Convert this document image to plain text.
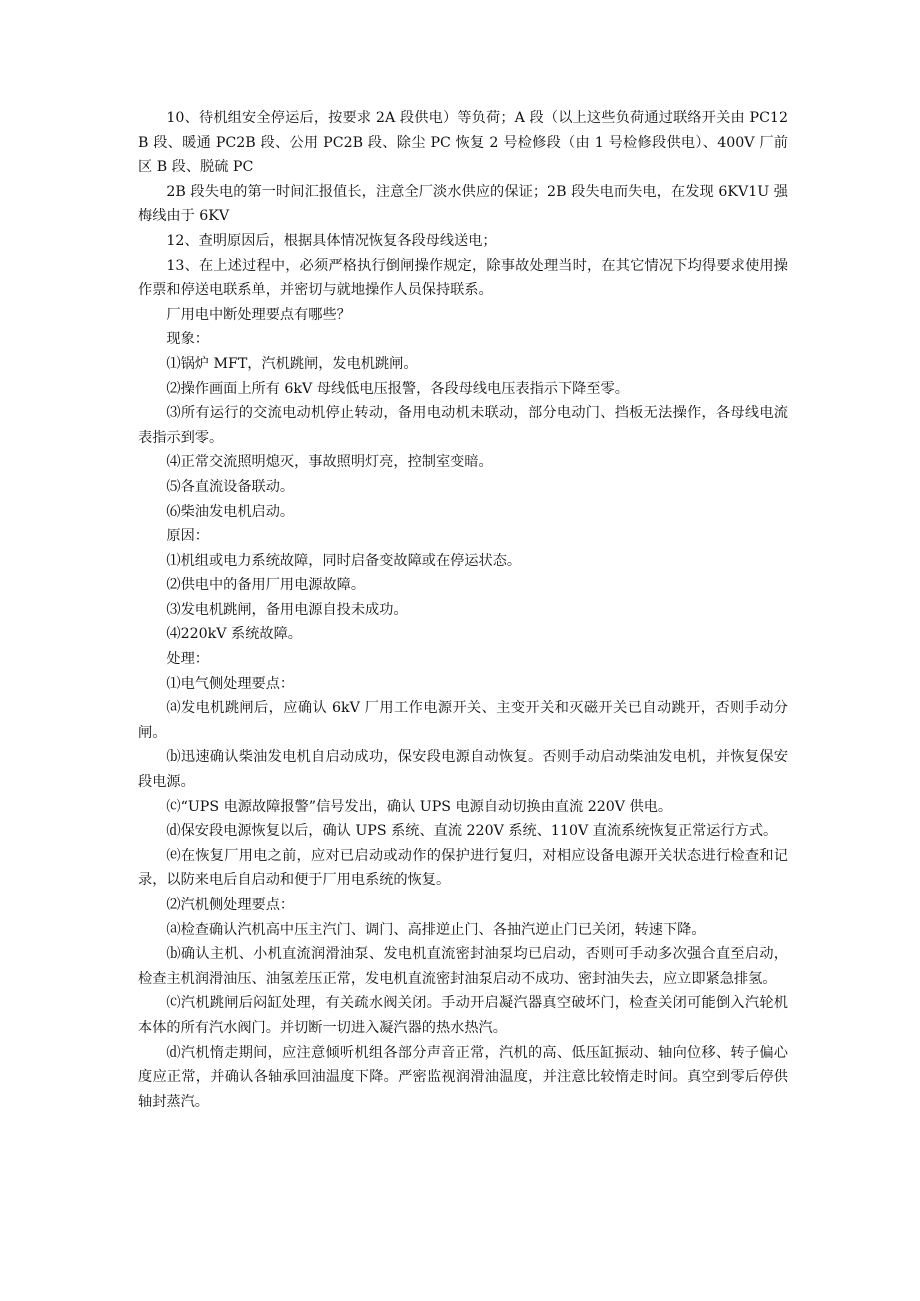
10、待机组安全停运后，按要求 2A 段供电）等负荷；A 段（以上这些负荷通过联络开关由 PC12B 段、暖通 PC2B 段、公用 PC2B 段、除尘 PC 恢复 2 号检修段（由 1 号检修段供电）、400V 厂前区 B 段、脱硫 PC

2B 段失电的第一时间汇报值长，注意全厂淡水供应的保证；2B 段失电而失电，在发现 6KV1U 强梅线由于 6KV

12、查明原因后，根据具体情况恢复各段母线送电；

13、在上述过程中，必须严格执行倒闸操作规定，除事故处理当时，在其它情况下均得要求使用操作票和停送电联系单，并密切与就地操作人员保持联系。

厂用电中断处理要点有哪些？

现象：

⑴锅炉 MFT，汽机跳闸，发电机跳闸。

⑵操作画面上所有 6kV 母线低电压报警，各段母线电压表指示下降至零。

⑶所有运行的交流电动机停止转动，备用电动机未联动，部分电动门、挡板无法操作，各母线电流表指示到零。

⑷正常交流照明熄灭，事故照明灯亮，控制室变暗。

⑸各直流设备联动。

⑹柴油发电机启动。

原因：

⑴机组或电力系统故障，同时启备变故障或在停运状态。

⑵供电中的备用厂用电源故障。

⑶发电机跳闸，备用电源自投未成功。

⑷220kV 系统故障。

处理：

⑴电气侧处理要点：

⒜发电机跳闸后，应确认 6kV 厂用工作电源开关、主变开关和灭磁开关已自动跳开，否则手动分闸。

⒝迅速确认柴油发电机自启动成功，保安段电源自动恢复。否则手动启动柴油发电机，并恢复保安段电源。

⒞“UPS 电源故障报警”信号发出，确认 UPS 电源自动切换由直流 220V 供电。

⒟保安段电源恢复以后，确认 UPS 系统、直流 220V 系统、110V 直流系统恢复正常运行方式。

⒠在恢复厂用电之前，应对已启动或动作的保护进行复归，对相应设备电源开关状态进行检查和记录，以防来电后自启动和便于厂用电系统的恢复。

⑵汽机侧处理要点：

⒜检查确认汽机高中压主汽门、调门、高排逆止门、各抽汽逆止门已关闭，转速下降。

⒝确认主机、小机直流润滑油泵、发电机直流密封油泵均已启动，否则可手动多次强合直至启动，检查主机润滑油压、油氢差压正常，发电机直流密封油泵启动不成功、密封油失去，应立即紧急排氢。

⒞汽机跳闸后闷缸处理，有关疏水阀关闭。手动开启凝汽器真空破坏门，检查关闭可能倒入汽轮机本体的所有汽水阀门。并切断一切进入凝汽器的热水热汽。

⒟汽机惰走期间，应注意倾听机组各部分声音正常，汽机的高、低压缸振动、轴向位移、转子偏心度应正常，并确认各轴承回油温度下降。严密监视润滑油温度，并注意比较惰走时间。真空到零后停供轴封蒸汽。
